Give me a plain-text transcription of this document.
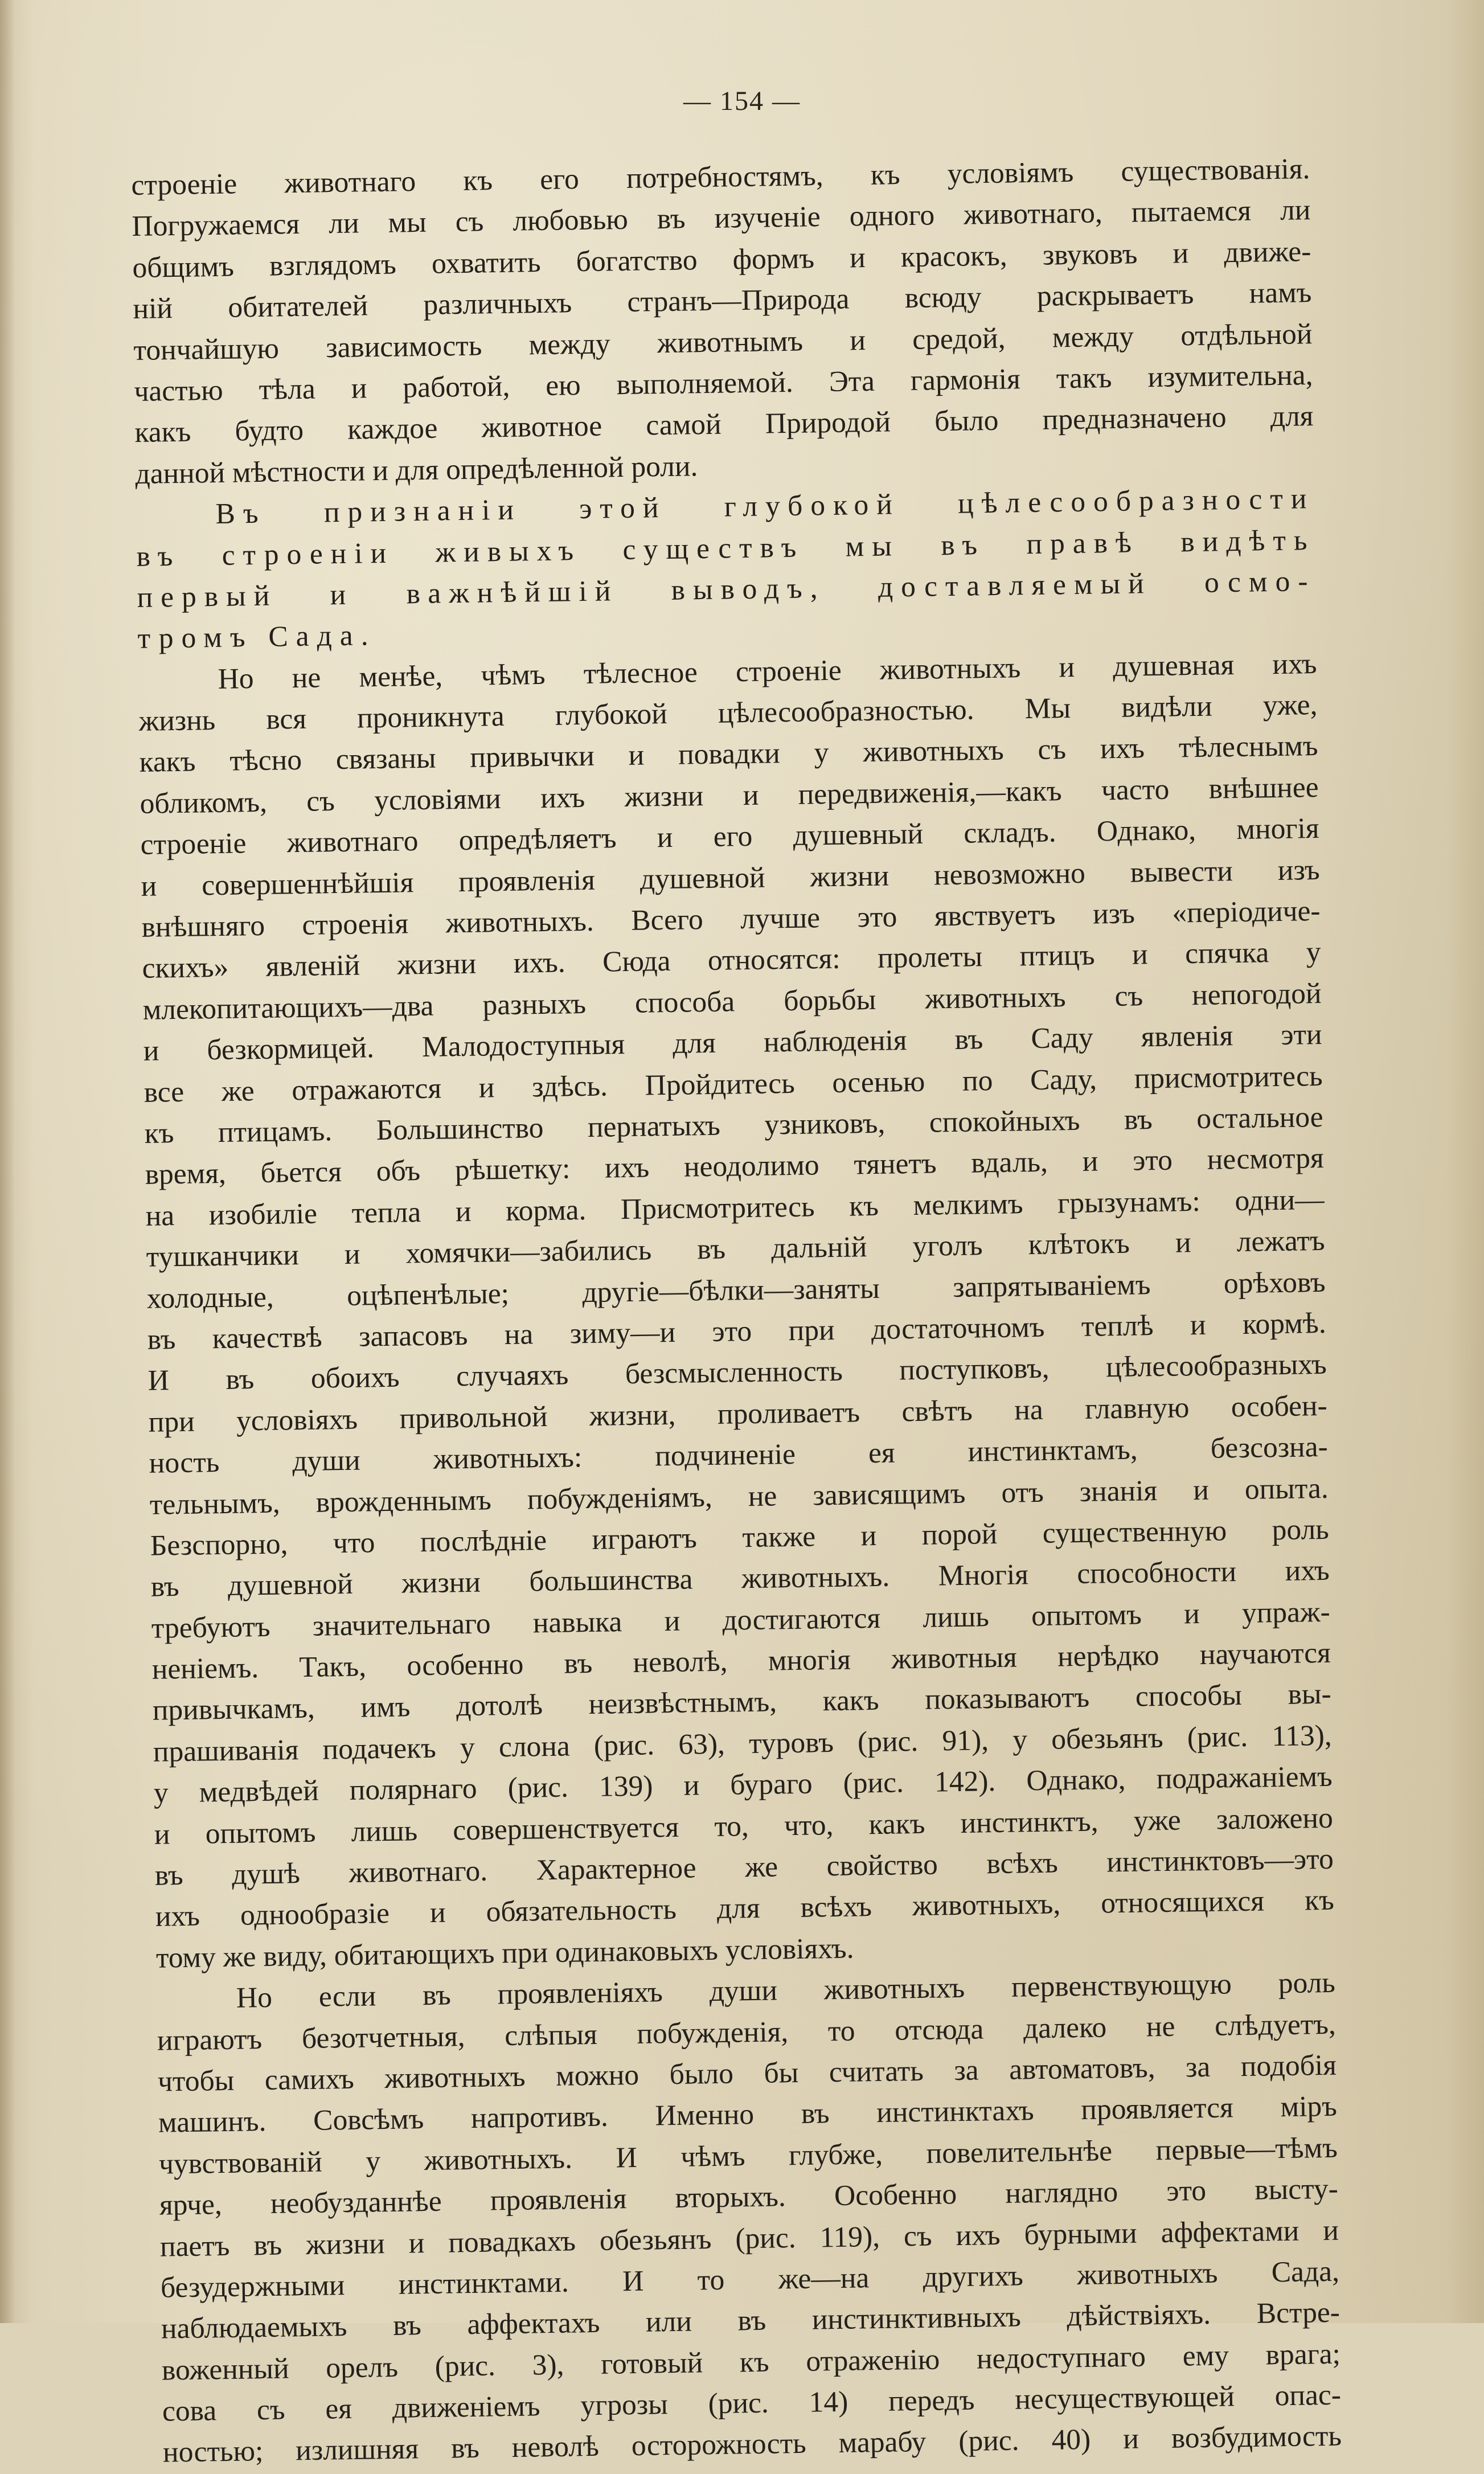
— 154 —
строеніе животнаго къ его потребностямъ, къ условіямъ существованія.
Погружаемся ли мы съ любовью въ изученіе одного животнаго, пытаемся ли
общимъ взглядомъ охватить богатство формъ и красокъ, звуковъ и движе-
ній обитателей различныхъ странъ—Природа всюду раскрываетъ намъ
тончайшую зависимость между животнымъ и средой, между отдѣльной
частью тѣла и работой, ею выполняемой. Эта гармонія такъ изумительна,
какъ будто каждое животное самой Природой было предназначено для
данной мѣстности и для опредѣленной роли.
Въ признаніи этой глубокой цѣлесообразности
въ строеніи живыхъ существъ мы въ правѣ видѣть
первый и важнѣйшій выводъ, доставляемый осмо-
тромъ Сада.
Но не менѣе, чѣмъ тѣлесное строеніе животныхъ и душевная ихъ
жизнь вся проникнута глубокой цѣлесообразностью. Мы видѣли уже,
какъ тѣсно связаны привычки и повадки у животныхъ съ ихъ тѣлеснымъ
обликомъ, съ условіями ихъ жизни и передвиженія,—какъ часто внѣшнее
строеніе животнаго опредѣляетъ и его душевный складъ. Однако, многія
и совершеннѣйшія проявленія душевной жизни невозможно вывести изъ
внѣшняго строенія животныхъ. Всего лучше это явствуетъ изъ «періодиче-
скихъ» явленій жизни ихъ. Сюда относятся: пролеты птицъ и спячка у
млекопитающихъ—два разныхъ способа борьбы животныхъ съ непогодой
и безкормицей. Малодоступныя для наблюденія въ Саду явленія эти
все же отражаются и здѣсь. Пройдитесь осенью по Саду, присмотритесь
къ птицамъ. Большинство пернатыхъ узниковъ, спокойныхъ въ остальное
время, бьется объ рѣшетку: ихъ неодолимо тянетъ вдаль, и это несмотря
на изобиліе тепла и корма. Присмотритесь къ мелкимъ грызунамъ: одни—
тушканчики и хомячки—забились въ дальній уголъ клѣтокъ и лежатъ
холодные, оцѣпенѣлые; другіе—бѣлки—заняты запрятываніемъ орѣховъ
въ качествѣ запасовъ на зиму—и это при достаточномъ теплѣ и кормѣ.
И въ обоихъ случаяхъ безсмысленность поступковъ, цѣлесообразныхъ
при условіяхъ привольной жизни, проливаетъ свѣтъ на главную особен-
ность души животныхъ: подчиненіе ея инстинктамъ, безсозна-
тельнымъ, врожденнымъ побужденіямъ, не зависящимъ отъ знанія и опыта.
Безспорно, что послѣдніе играютъ также и порой существенную роль
въ душевной жизни большинства животныхъ. Многія способности ихъ
требуютъ значительнаго навыка и достигаются лишь опытомъ и упраж-
неніемъ. Такъ, особенно въ неволѣ, многія животныя нерѣдко научаются
привычкамъ, имъ дотолѣ неизвѣстнымъ, какъ показываютъ способы вы-
прашиванія подачекъ у слона (рис. 63), туровъ (рис. 91), у обезьянъ (рис. 113),
у медвѣдей полярнаго (рис. 139) и бураго (рис. 142). Однако, подражаніемъ
и опытомъ лишь совершенствуется то, что, какъ инстинктъ, уже заложено
въ душѣ животнаго. Характерное же свойство всѣхъ инстинктовъ—это
ихъ однообразіе и обязательность для всѣхъ животныхъ, относящихся къ
тому же виду, обитающихъ при одинаковыхъ условіяхъ.
Но если въ проявленіяхъ души животныхъ первенствующую роль
играютъ безотчетныя, слѣпыя побужденія, то отсюда далеко не слѣдуетъ,
чтобы самихъ животныхъ можно было бы считать за автоматовъ, за подобія
машинъ. Совсѣмъ напротивъ. Именно въ инстинктахъ проявляется міръ
чувствованій у животныхъ. И чѣмъ глубже, повелительнѣе первые—тѣмъ
ярче, необузданнѣе проявленія вторыхъ. Особенно наглядно это высту-
паетъ въ жизни и повадкахъ обезьянъ (рис. 119), съ ихъ бурными аффектами и
безудержными инстинктами. И то же—на другихъ животныхъ Сада,
наблюдаемыхъ въ аффектахъ или въ инстинктивныхъ дѣйствіяхъ. Встре-
воженный орелъ (рис. 3), готовый къ отраженію недоступнаго ему врага;
сова съ ея движеніемъ угрозы (рис. 14) передъ несуществующей опас-
ностью; излишняя въ неволѣ осторожность марабу (рис. 40) и возбудимость
